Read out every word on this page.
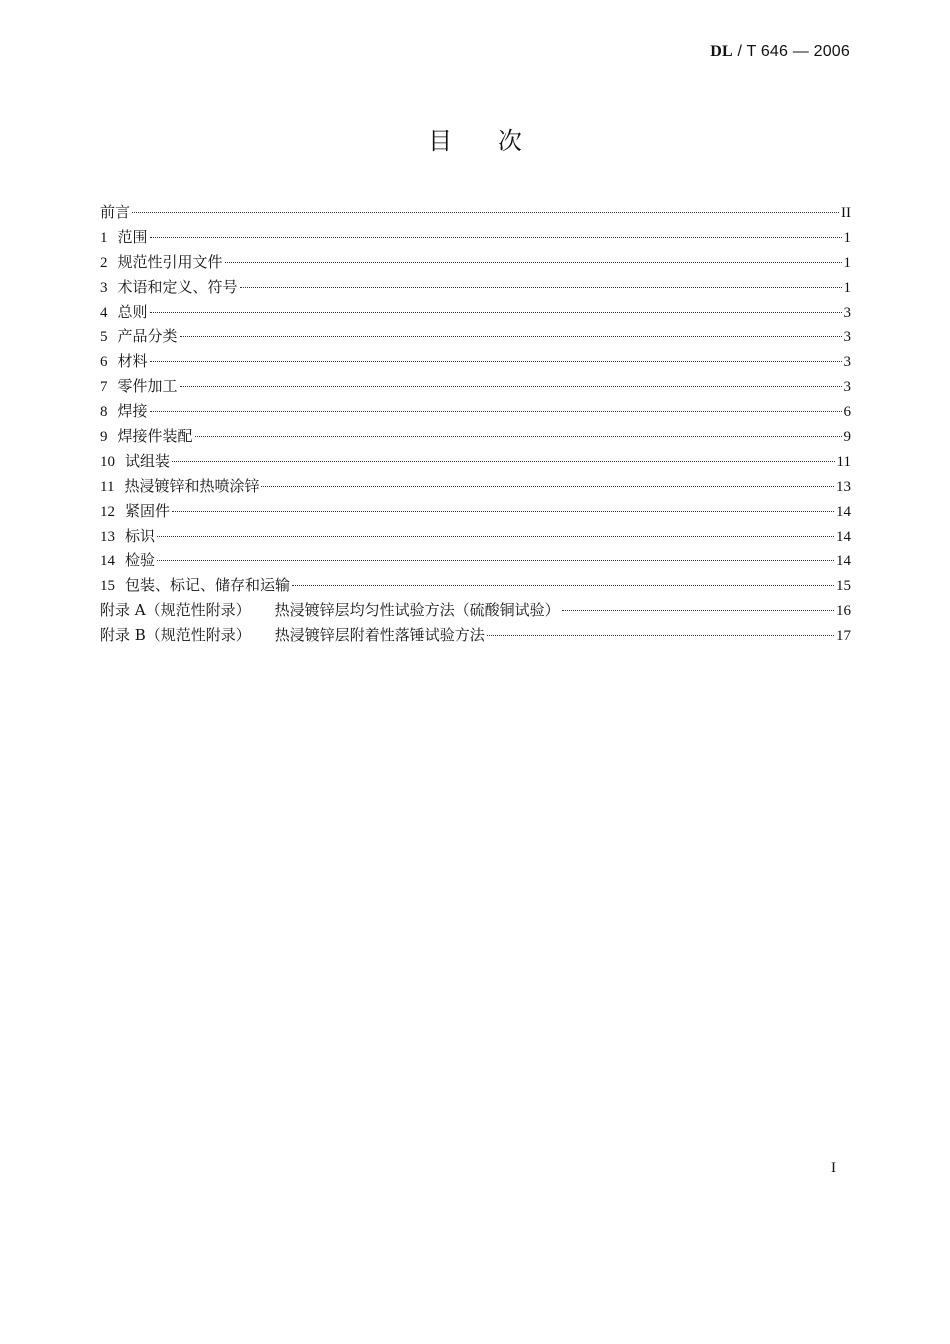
DL / T 646 — 2006
目      次
前言	II
1 范围	1
2 规范性引用文件	1
3 术语和定义、符号	1
4 总则	3
5 产品分类	3
6 材料	3
7 零件加工	3
8 焊接	6
9 焊接件装配	9
10 试组装	11
11 热浸镀锌和热喷涂锌	13
12 紧固件	14
13 标识	14
14 检验	14
15 包装、标记、储存和运输	15
附录 A（规范性附录） 热浸镀锌层均匀性试验方法（硫酸铜试验）	16
附录 B（规范性附录） 热浸镀锌层附着性落锤试验方法	17
I
